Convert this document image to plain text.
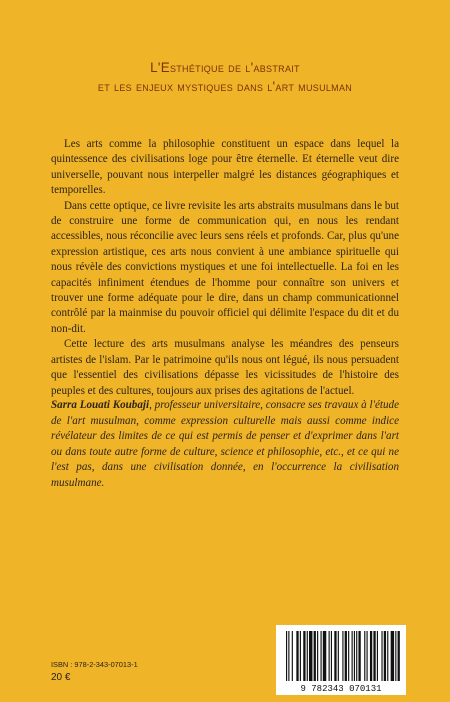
L'Esthétique de l'abstrait
et les enjeux mystiques dans l'art musulman

Les arts comme la philosophie constituent un espace dans lequel la quintessence des civilisations loge pour être éternelle. Et éternelle veut dire universelle, pouvant nous interpeller malgré les distances géographiques et temporelles.

Dans cette optique, ce livre revisite les arts abstraits musulmans dans le but de construire une forme de communication qui, en nous les rendant accessibles, nous réconcilie avec leurs sens réels et profonds. Car, plus qu'une expression artistique, ces arts nous convient à une ambiance spirituelle qui nous révèle des convictions mystiques et une foi intellectuelle. La foi en les capacités infiniment étendues de l'homme pour connaître son univers et trouver une forme adéquate pour le dire, dans un champ communicationnel contrôlé par la mainmise du pouvoir officiel qui délimite l'espace du dit et du non-dit.

Cette lecture des arts musulmans analyse les méandres des penseurs artistes de l'islam. Par le patrimoine qu'ils nous ont légué, ils nous persuadent que l'essentiel des civilisations dépasse les vicissitudes de l'histoire des peuples et des cultures, toujours aux prises des agitations de l'actuel.

Sarra Louati Koubaji, professeur universitaire, consacre ses travaux à l'étude de l'art musulman, comme expression culturelle mais aussi comme indice révélateur des limites de ce qui est permis de penser et d'exprimer dans l'art ou dans toute autre forme de culture, science et philosophie, etc., et ce qui ne l'est pas, dans une civilisation donnée, en l'occurrence la civilisation musulmane.
ISBN : 978-2-343-07013-1
20 €
9 782343 070131
